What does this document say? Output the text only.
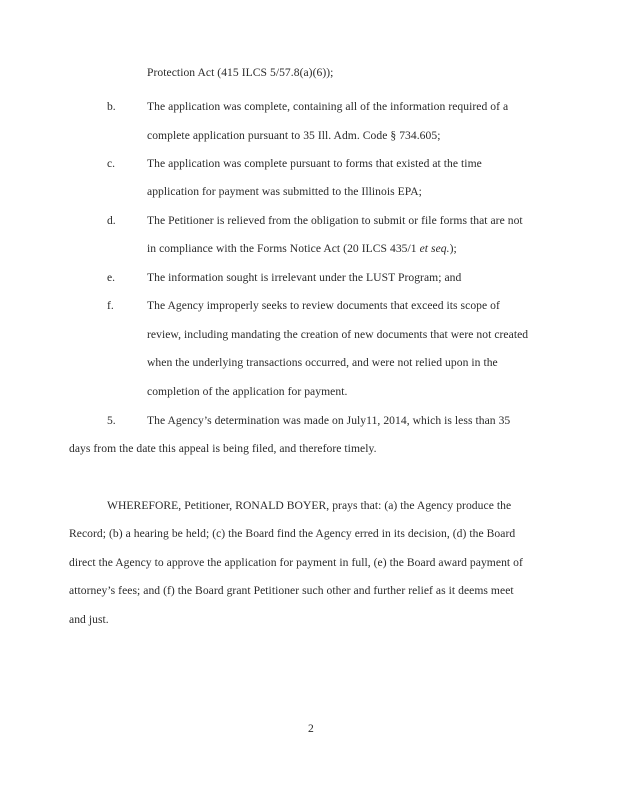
Protection Act (415 ILCS 5/57.8(a)(6));
b.	The application was complete, containing all of the information required of a
complete application pursuant to 35 Ill. Adm. Code § 734.605;
c.	The application was complete pursuant to forms that existed at the time
application for payment was submitted to the Illinois EPA;
d.	The Petitioner is relieved from the obligation to submit or file forms that are not
in compliance with the Forms Notice Act (20 ILCS 435/1 et seq.);
e.	The information sought is irrelevant under the LUST Program; and
f.	The Agency improperly seeks to review documents that exceed its scope of
review, including mandating the creation of new documents that were not created
when the underlying transactions occurred, and were not relied upon in the
completion of the application for payment.
5.	The Agency’s determination was made on July11, 2014, which is less than 35
days from the date this appeal is being filed, and therefore timely.
WHEREFORE, Petitioner, RONALD BOYER, prays that: (a) the Agency produce the
Record; (b) a hearing be held; (c) the Board find the Agency erred in its decision, (d) the Board
direct the Agency to approve the application for payment in full, (e) the Board award payment of
attorney’s fees; and (f) the Board grant Petitioner such other and further relief as it deems meet
and just.
2
